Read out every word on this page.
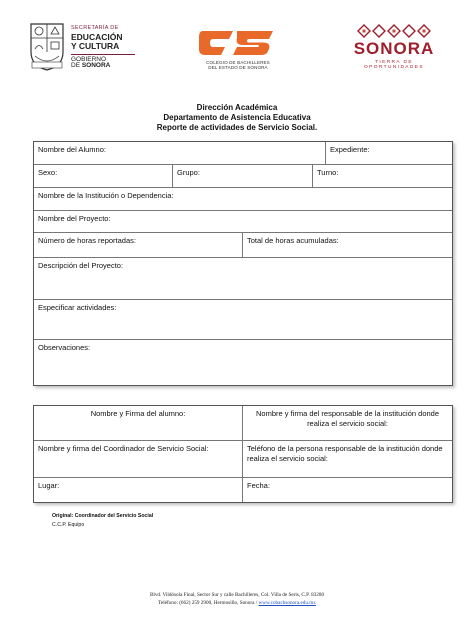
SECRETARÍA DE
EDUCACIÓN
Y CULTURA
GOBIERNO
DE SONORA	COLEGIO DE BACHILLERES
DEL ESTADO DE SONORA
SONORA
TIERRA DE OPORTUNIDADES
Dirección Académica
Departamento de Asistencia Educativa
Reporte de actividades de Servicio Social.
Nombre del Alumno:	Expediente:
Sexo:	Grupo:	Turno:
Nombre de la Institución o Dependencia:
Nombre del Proyecto:
Número de horas reportadas:	Total de horas acumuladas:
Descripción del Proyecto:
Especificar actividades:
Observaciones:
Nombre y Firma del alumno:	Nombre y firma del responsable de la institución donde realiza el servicio social:
Nombre y firma del Coordinador de Servicio Social:	Teléfono de la persona responsable de la institución donde realiza el servicio social:
Lugar:	Fecha:
Original: Coordinador del Servicio Social
C.C.P. Equipo
Blvd. Vildósola Final, Sector Sur y calle Bachilleres, Col. Villa de Seris, C.P. 83280
Teléfono: (662) 259 2900, Hermosillo, Sonora / www.cobachsonora.edu.mx
